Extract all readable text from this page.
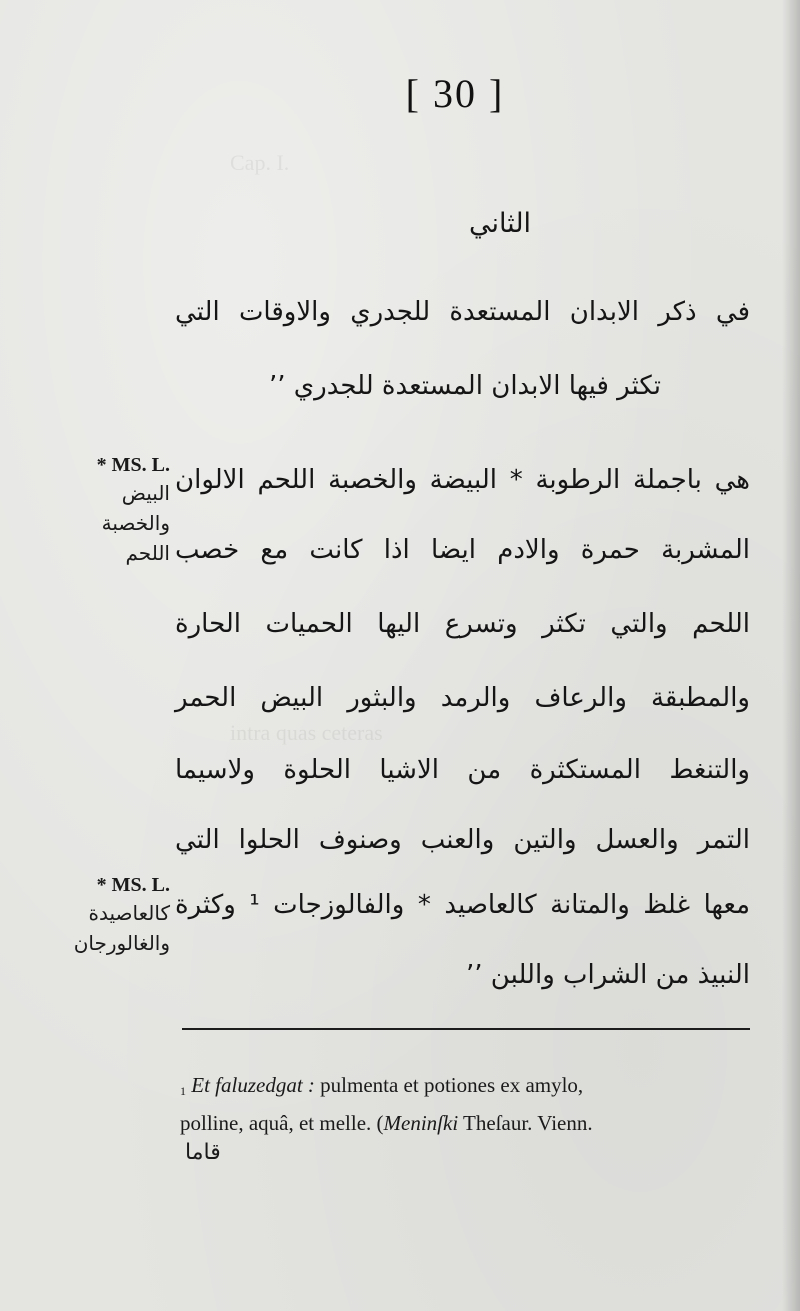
Cap. I.
intra quas ceteras
[ 30 ]
الثاني
في ذكر الابدان المستعدة للجدري والاوقات التي
تكثر فيها الابدان المستعدة للجدري ٬٬
هي باجملة الرطوبة * البيضة والخصبة اللحم الالوان
المشربة حمرة والادم ايضا اذا كانت مع خصب
اللحم والتي تكثر وتسرع اليها الحميات الحارة
والمطبقة والرعاف والرمد والبثور البيض الحمر
والتنغط المستكثرة من الاشيا الحلوة ولاسيما
التمر والعسل والتين والعنب وصنوف الحلوا التي
معها غلظ والمتانة كالعاصيد * والفالوزجات ¹ وكثرة
النبيذ من الشراب واللبن ٬٬
* MS. L.
البيض
والخصبة
اللحم
* MS. L.
كالعاصيدة
والغالورجان
$^1$ Et faluzedgat : pulmenta et potiones ex amylo,
polline, aquâ, et melle. (Meninſki Theſaur. Vienn.
قاما
